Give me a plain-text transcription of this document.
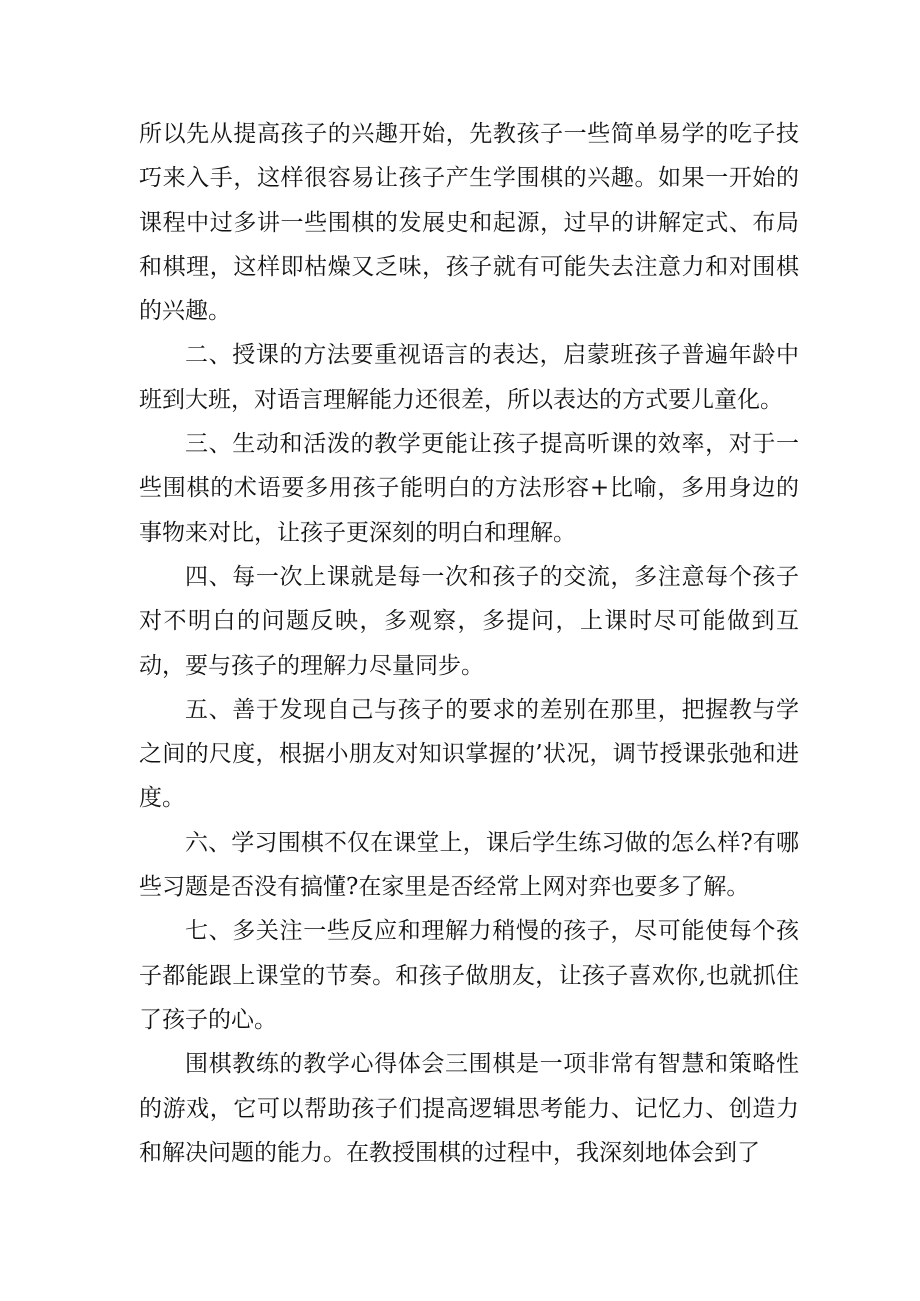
所以先从提高孩子的兴趣开始，先教孩子一些简单易学的吃子技巧来入手，这样很容易让孩子产生学围棋的兴趣。如果一开始的课程中过多讲一些围棋的发展史和起源，过早的讲解定式、布局和棋理，这样即枯燥又乏味，孩子就有可能失去注意力和对围棋的兴趣。

二、授课的方法要重视语言的表达，启蒙班孩子普遍年龄中班到大班，对语言理解能力还很差，所以表达的方式要儿童化。

三、生动和活泼的教学更能让孩子提高听课的效率，对于一些围棋的术语要多用孩子能明白的方法形容+比喻，多用身边的事物来对比，让孩子更深刻的明白和理解。

四、每一次上课就是每一次和孩子的交流，多注意每个孩子对不明白的问题反映，多观察，多提问，上课时尽可能做到互动，要与孩子的理解力尽量同步。

五、善于发现自己与孩子的要求的差别在那里，把握教与学之间的尺度，根据小朋友对知识掌握的’状况，调节授课张弛和进度。

六、学习围棋不仅在课堂上，课后学生练习做的怎么样?有哪些习题是否没有搞懂?在家里是否经常上网对弈也要多了解。

七、多关注一些反应和理解力稍慢的孩子，尽可能使每个孩子都能跟上课堂的节奏。和孩子做朋友，让孩子喜欢你,也就抓住了孩子的心。

围棋教练的教学心得体会三围棋是一项非常有智慧和策略性的游戏，它可以帮助孩子们提高逻辑思考能力、记忆力、创造力和解决问题的能力。在教授围棋的过程中，我深刻地体会到了
